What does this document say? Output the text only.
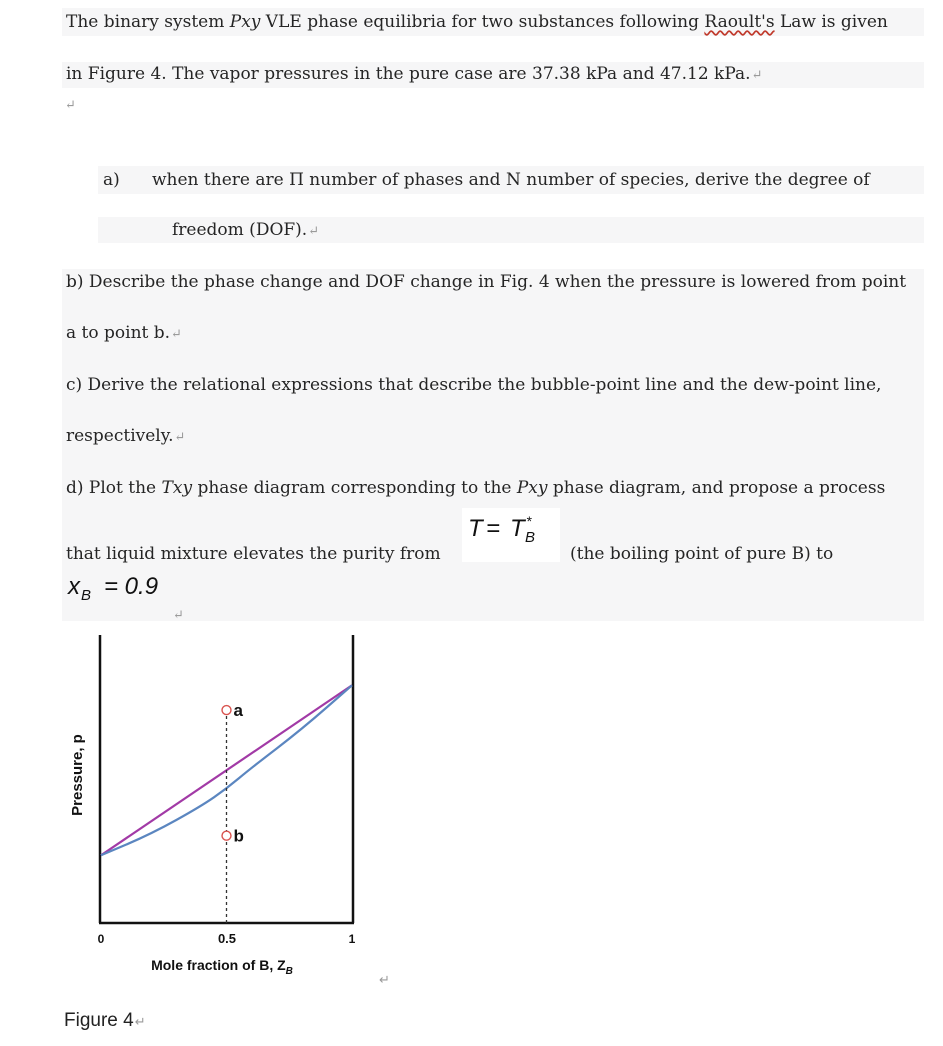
The binary system Pxy VLE phase equilibria for two substances following Raoult's Law is given
in Figure 4. The vapor pressures in the pure case are 37.38 kPa and 47.12 kPa.↵
↵
a) when there are Π number of phases and N number of species, derive the degree of
freedom (DOF).↵
b) Describe the phase change and DOF change in Fig. 4 when the pressure is lowered from point
a to point b.↵
c) Derive the relational expressions that describe the bubble-point line and the dew-point line,
respectively.↵
d) Plot the Txy phase diagram corresponding to the Pxy phase diagram, and propose a process
T = T *
B
that liquid mixture elevates the purity from	(the boiling point of pure B) to
x B = 0.9
↵
a
b
0	0.5	1
Mole fraction of B, $Z_B$
Pressure, p
↵
Figure 4↵
